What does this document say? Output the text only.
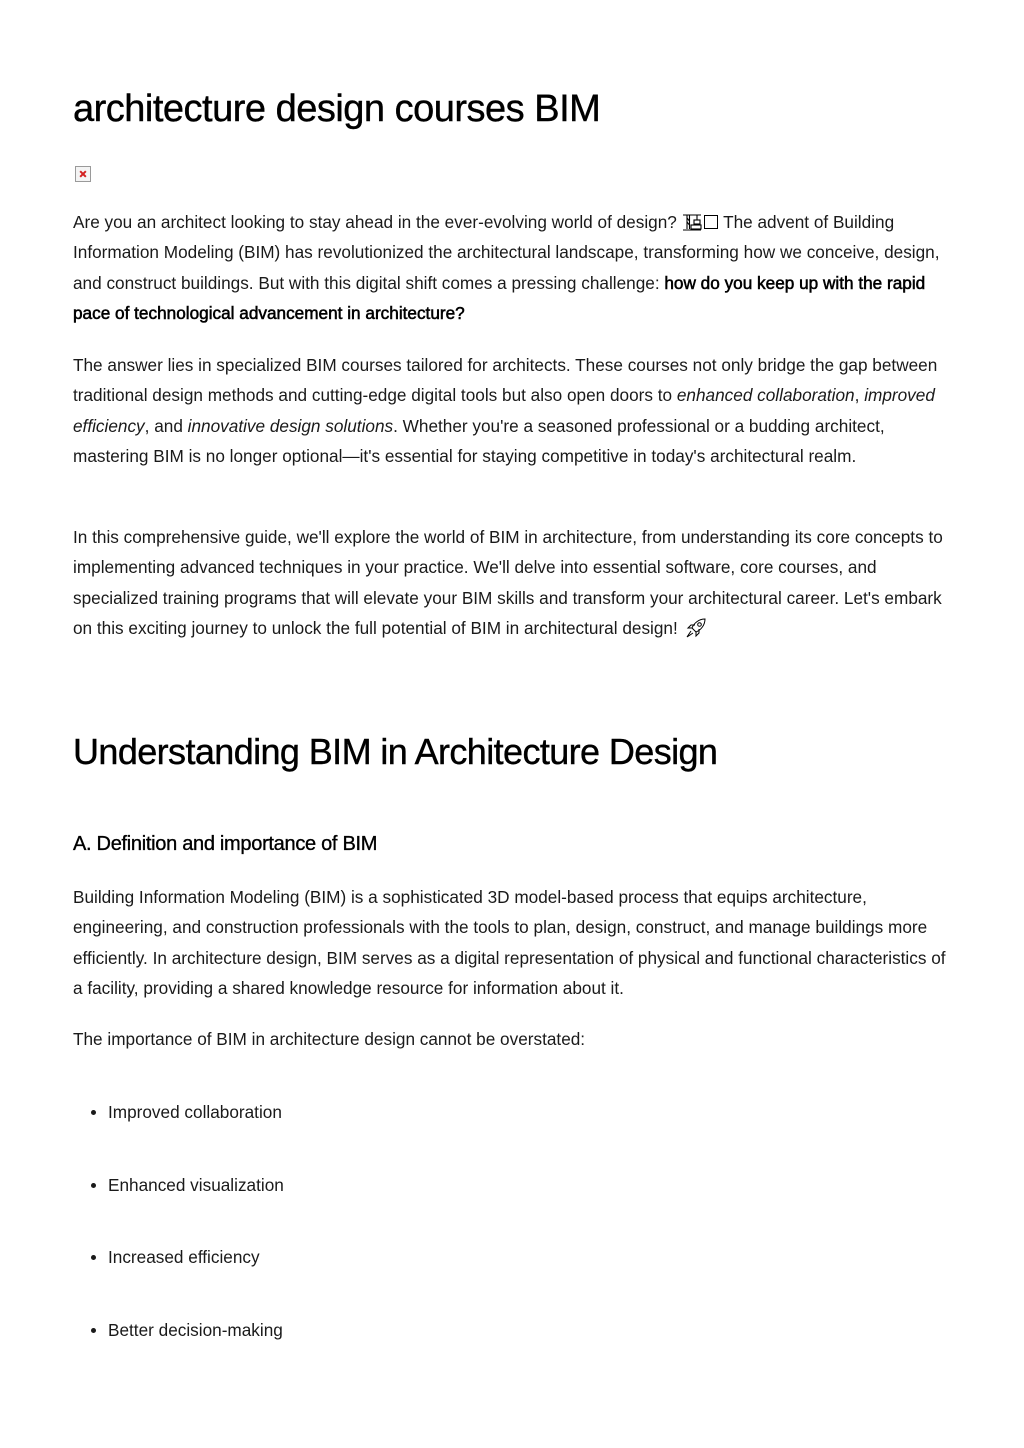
architecture design courses BIM

Are you an architect looking to stay ahead in the ever-evolving world of design?  The advent of Building Information Modeling (BIM) has revolutionized the architectural landscape, transforming how we conceive, design, and construct buildings. But with this digital shift comes a pressing challenge: how do you keep up with the rapid pace of technological advancement in architecture?

The answer lies in specialized BIM courses tailored for architects. These courses not only bridge the gap between traditional design methods and cutting-edge digital tools but also open doors to enhanced collaboration, improved efficiency, and innovative design solutions. Whether you're a seasoned professional or a budding architect, mastering BIM is no longer optional—it's essential for staying competitive in today's architectural realm.

In this comprehensive guide, we'll explore the world of BIM in architecture, from understanding its core concepts to implementing advanced techniques in your practice. We'll delve into essential software, core courses, and specialized training programs that will elevate your BIM skills and transform your architectural career. Let's embark on this exciting journey to unlock the full potential of BIM in architectural design!

Understanding BIM in Architecture Design
A. Definition and importance of BIM

Building Information Modeling (BIM) is a sophisticated 3D model-based process that equips architecture, engineering, and construction professionals with the tools to plan, design, construct, and manage buildings more efficiently. In architecture design, BIM serves as a digital representation of physical and functional characteristics of a facility, providing a shared knowledge resource for information about it.

The importance of BIM in architecture design cannot be overstated:

Improved collaboration
Enhanced visualization
Increased efficiency
Better decision-making
